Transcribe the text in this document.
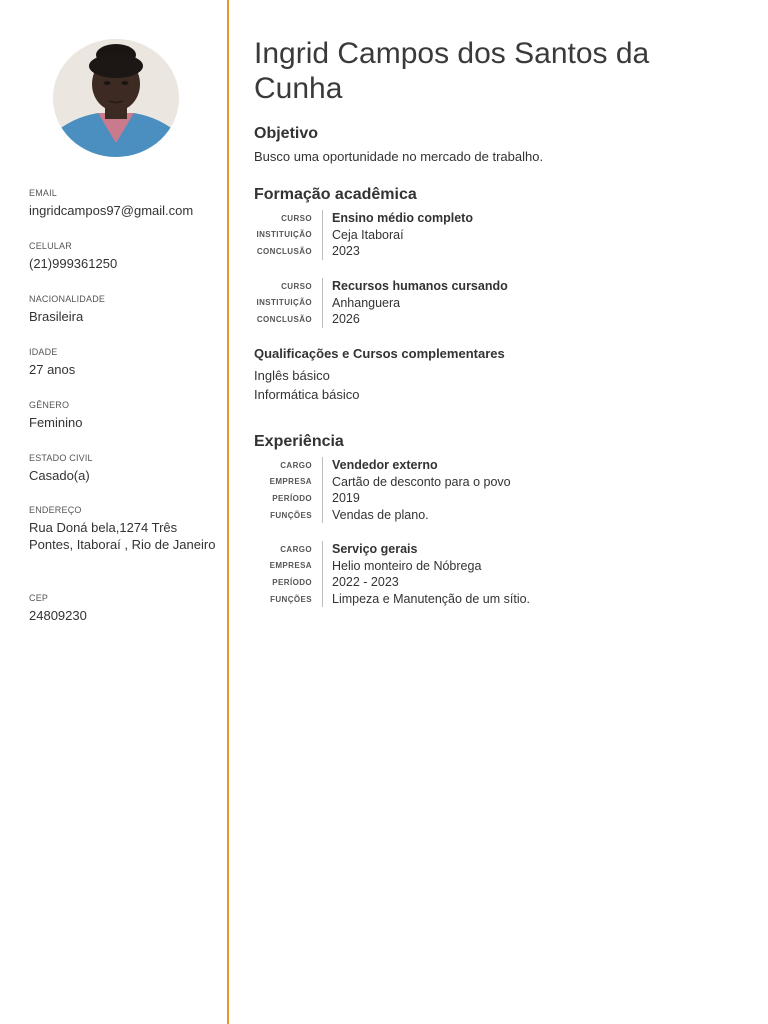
EMAIL
ingridcampos97@gmail.com
CELULAR
(21)999361250
NACIONALIDADE
Brasileira
IDADE
27 anos
GÊNERO
Feminino
ESTADO CIVIL
Casado(a)
ENDEREÇO
Rua Doná bela,1274 Três Pontes, Itaboraí , Rio de Janeiro
CEP
24809230
Ingrid Campos dos Santos da Cunha
Objetivo
Busco uma oportunidade no mercado de trabalho.
Formação acadêmica
CURSO	Ensino médio completo
INSTITUIÇÃO	Ceja Itaboraí
CONCLUSÃO	2023
CURSO	Recursos humanos cursando
INSTITUIÇÃO	Anhanguera
CONCLUSÃO	2026
Qualificações e Cursos complementares
Inglês básico
Informática básico
Experiência
CARGO	Vendedor externo
EMPRESA	Cartão de desconto para o povo
PERÍODO	2019
FUNÇÕES	Vendas de plano.
CARGO	Serviço gerais
EMPRESA	Helio monteiro de Nóbrega
PERÍODO	2022 - 2023
FUNÇÕES	Limpeza e Manutenção de um sítio.
